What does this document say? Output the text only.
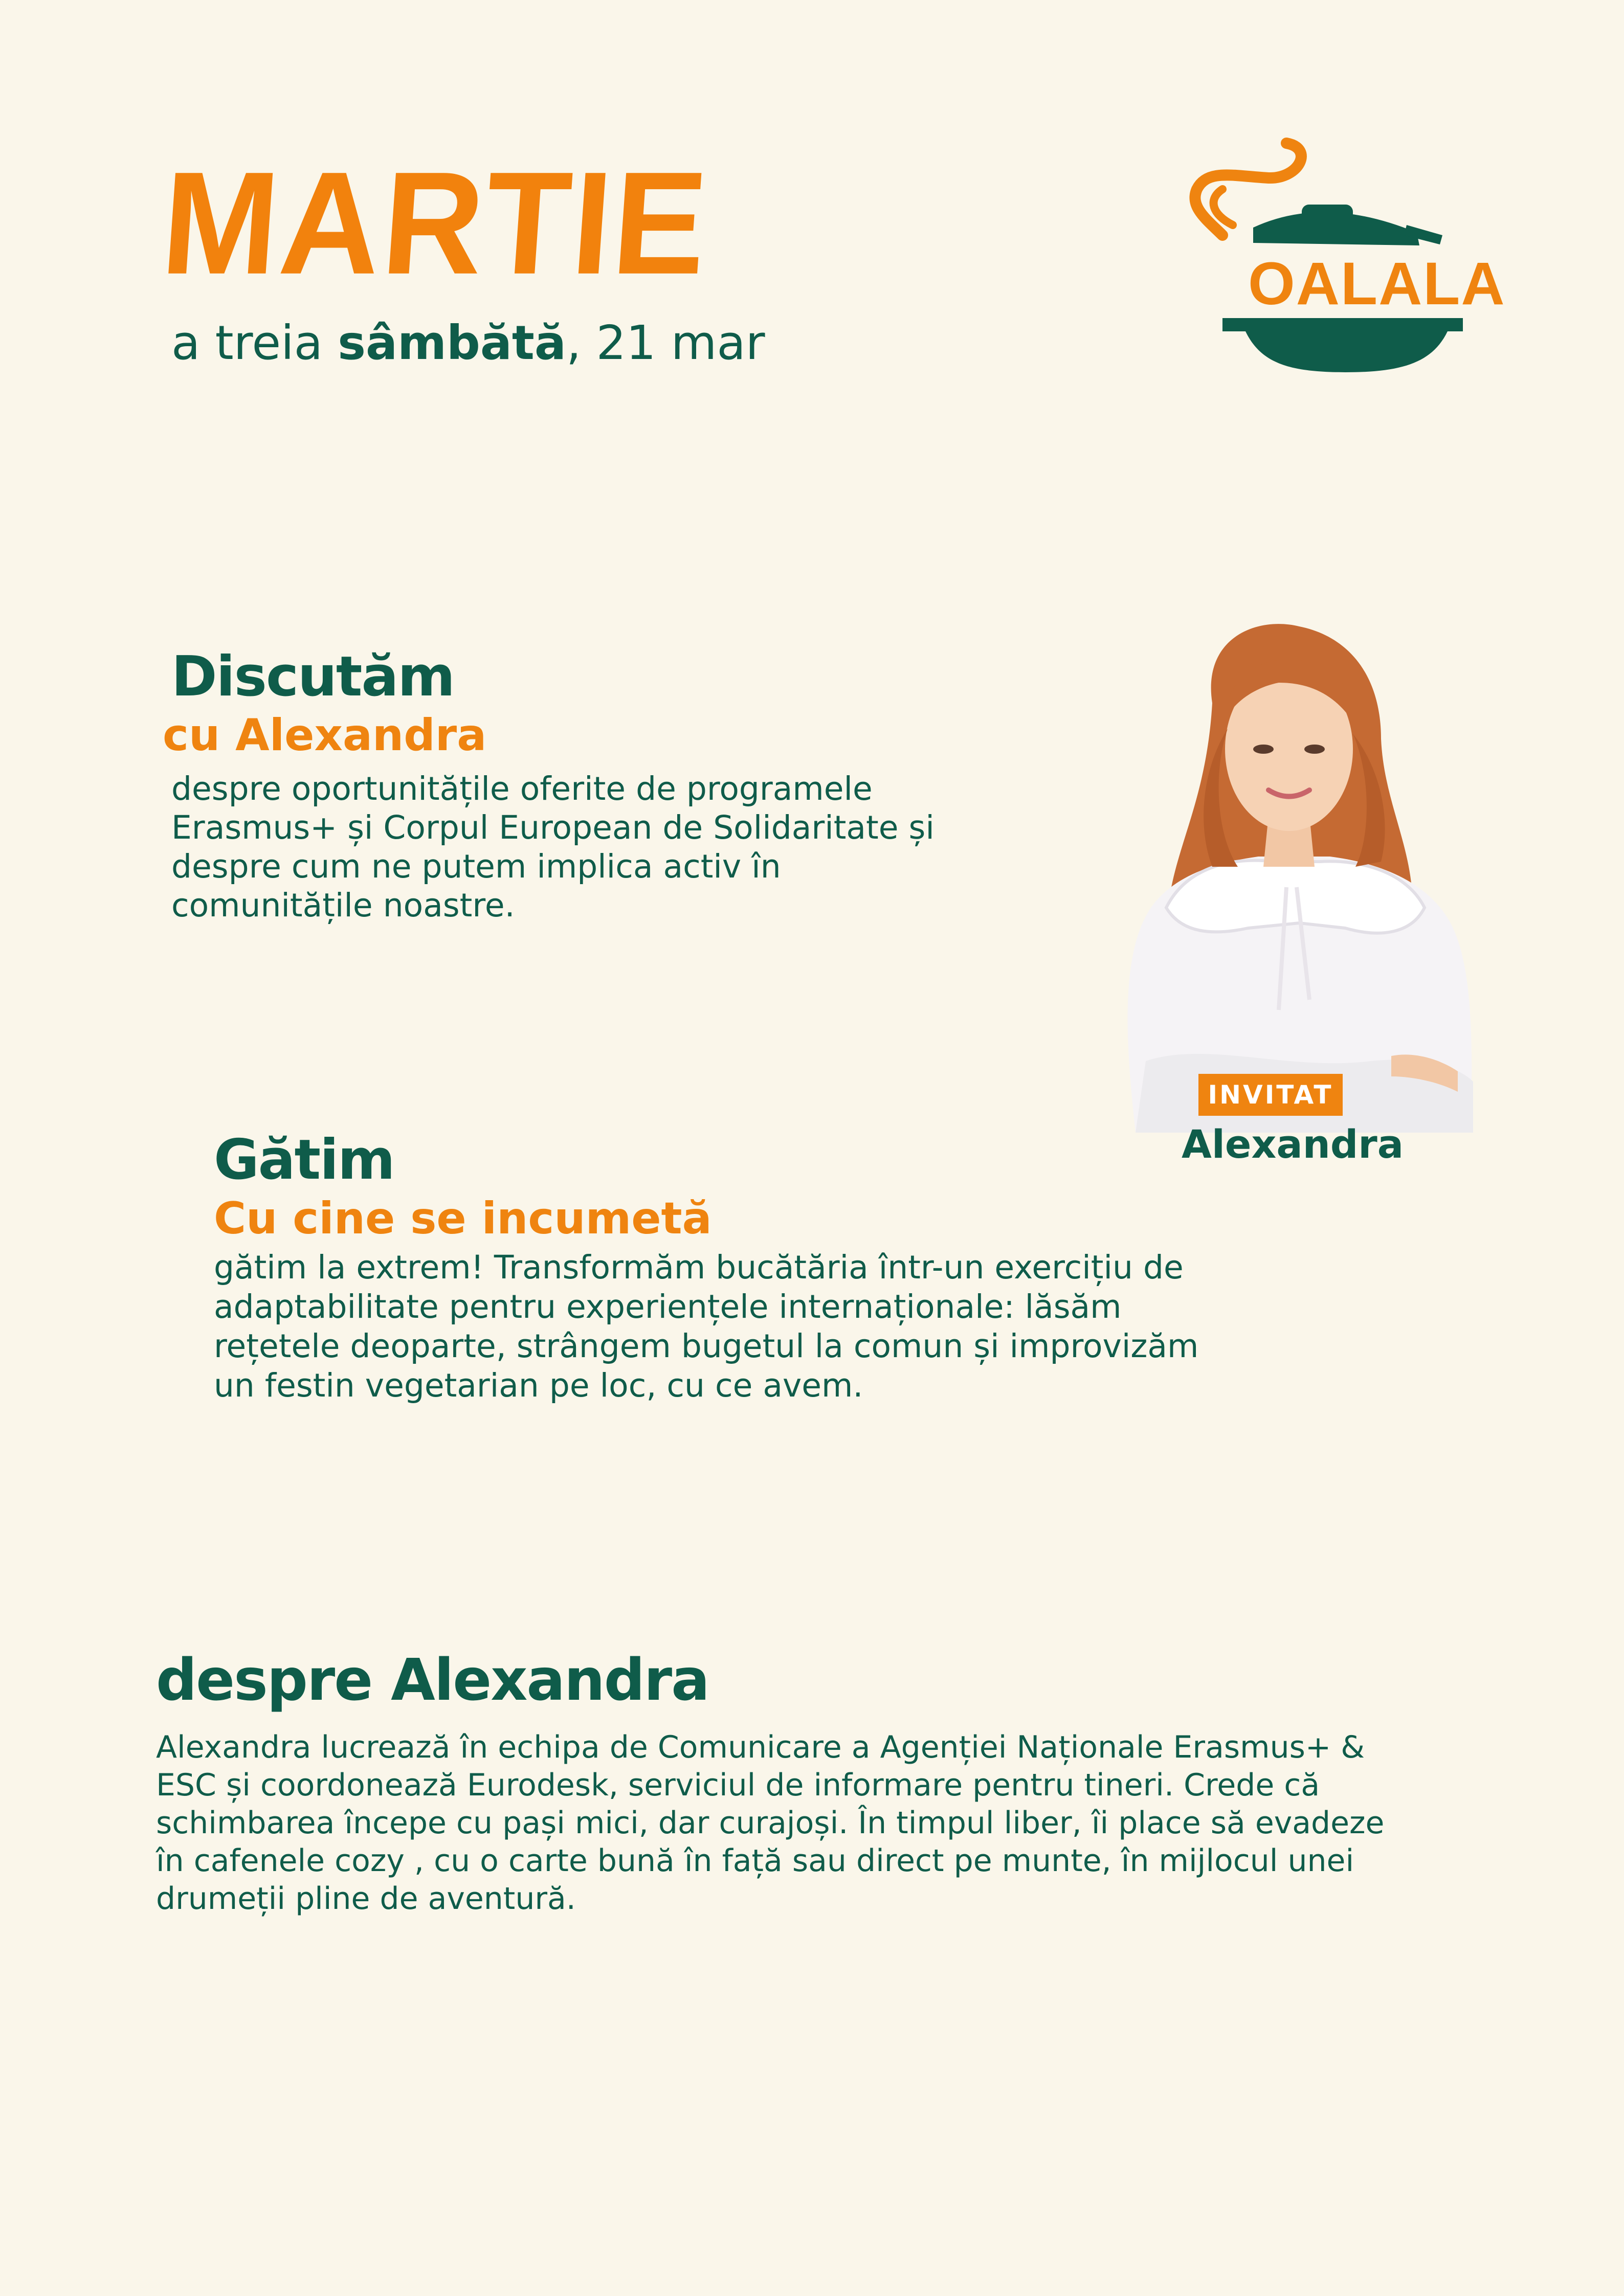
MARTIE
a treia sâmbătă, 21 mar
OALALA
Discutăm
cu Alexandra
despre oportunitățile oferite de programele
Erasmus+ și Corpul European de Solidaritate și
despre cum ne putem implica activ în
comunitățile noastre.
INVITAT
Alexandra
Gătim
Cu cine se incumetă
gătim la extrem! Transformăm bucătăria într-un exercițiu de
adaptabilitate pentru experiențele internaționale: lăsăm
rețetele deoparte, strângem bugetul la comun și improvizăm
un festin vegetarian pe loc, cu ce avem.
despre Alexandra
Alexandra lucrează în echipa de Comunicare a Agenției Naționale Erasmus+ &
ESC și coordonează Eurodesk, serviciul de informare pentru tineri. Crede că
schimbarea începe cu pași mici, dar curajoși. În timpul liber, îi place să evadeze
în cafenele cozy , cu o carte bună în față sau direct pe munte, în mijlocul unei
drumeții pline de aventură.
